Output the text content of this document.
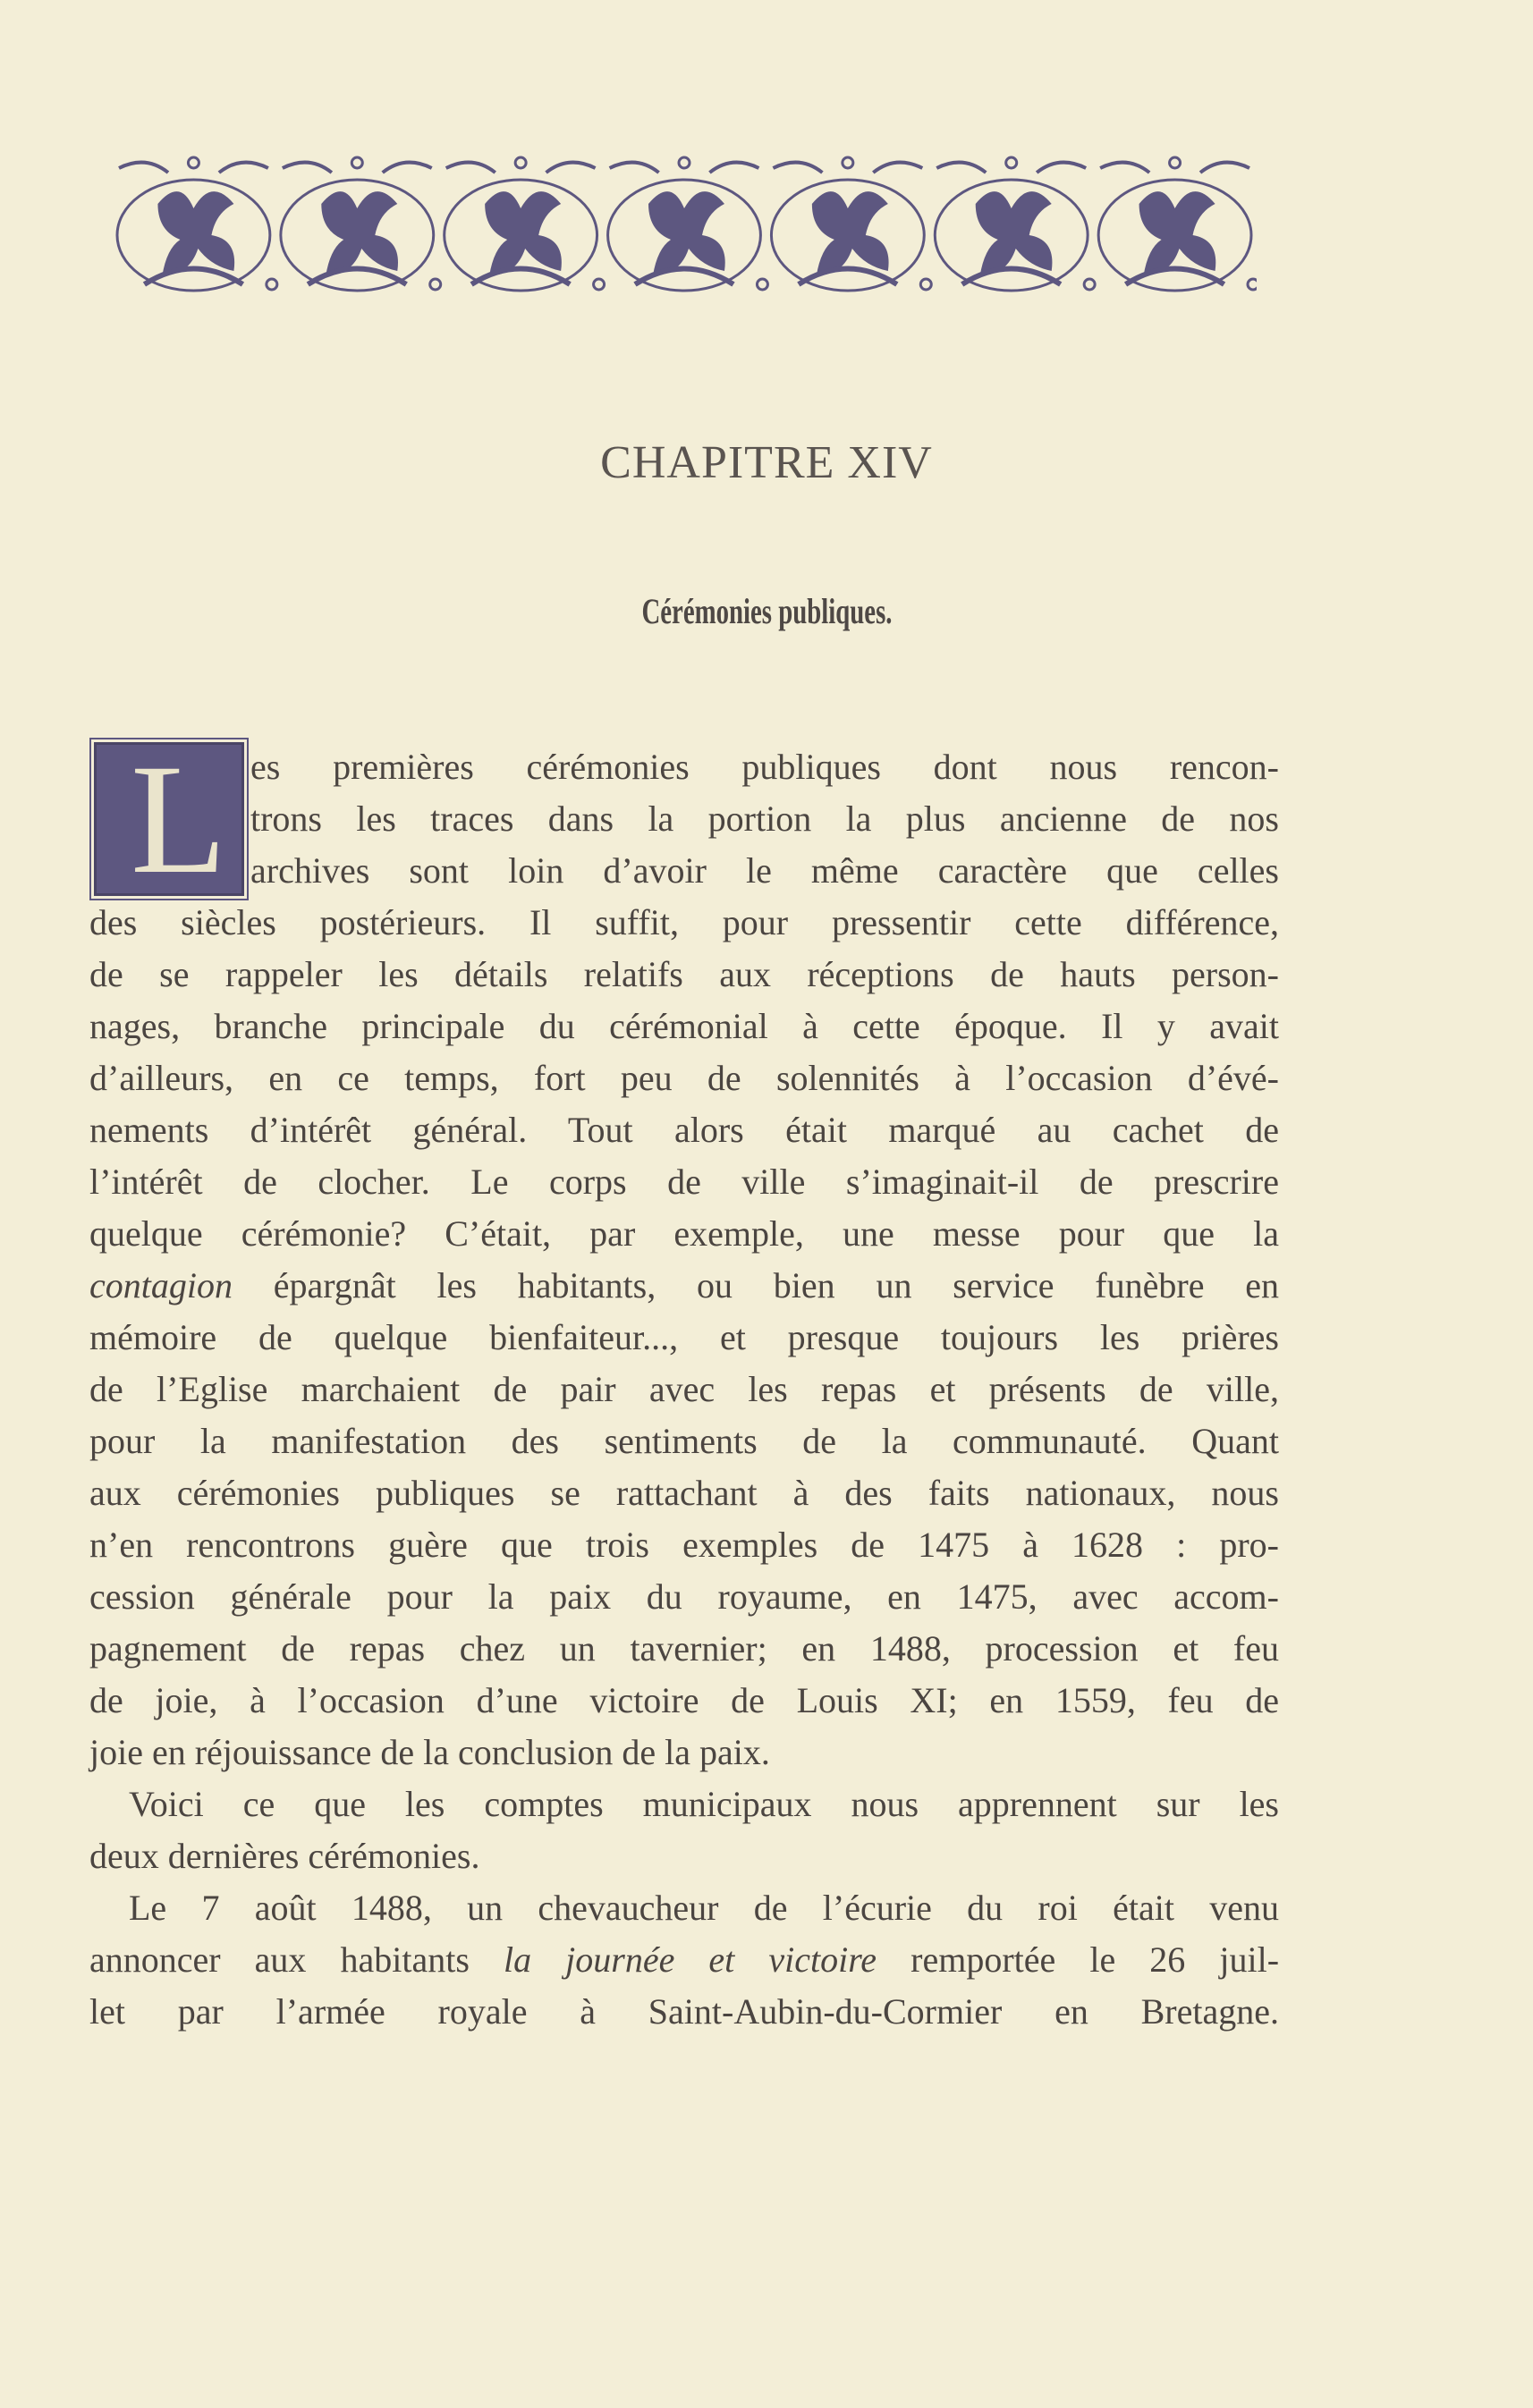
CHAPITRE XIV
Cérémonies publiques.
L es premières cérémonies publiques dont nous rencon-
trons les traces dans la portion la plus ancienne de nos
archives sont loin d’avoir le même caractère que celles
des siècles postérieurs. Il suffit, pour pressentir cette différence,
de se rappeler les détails relatifs aux réceptions de hauts person-
nages, branche principale du cérémonial à cette époque. Il y avait
d’ailleurs, en ce temps, fort peu de solennités à l’occasion d’évé-
nements d’intérêt général. Tout alors était marqué au cachet de
l’intérêt de clocher. Le corps de ville s’imaginait-il de prescrire
quelque cérémonie? C’était, par exemple, une messe pour que la
contagion épargnât les habitants, ou bien un service funèbre en
mémoire de quelque bienfaiteur..., et presque toujours les prières
de l’Eglise marchaient de pair avec les repas et présents de ville,
pour la manifestation des sentiments de la communauté. Quant
aux cérémonies publiques se rattachant à des faits nationaux, nous
n’en rencontrons guère que trois exemples de 1475 à 1628 : pro-
cession générale pour la paix du royaume, en 1475, avec accom-
pagnement de repas chez un tavernier; en 1488, procession et feu
de joie, à l’occasion d’une victoire de Louis XI; en 1559, feu de
joie en réjouissance de la conclusion de la paix.
Voici ce que les comptes municipaux nous apprennent sur les
deux dernières cérémonies.
Le 7 août 1488, un chevaucheur de l’écurie du roi était venu
annoncer aux habitants la journée et victoire remportée le 26 juil-
let par l’armée royale à Saint-Aubin-du-Cormier en Bretagne.
